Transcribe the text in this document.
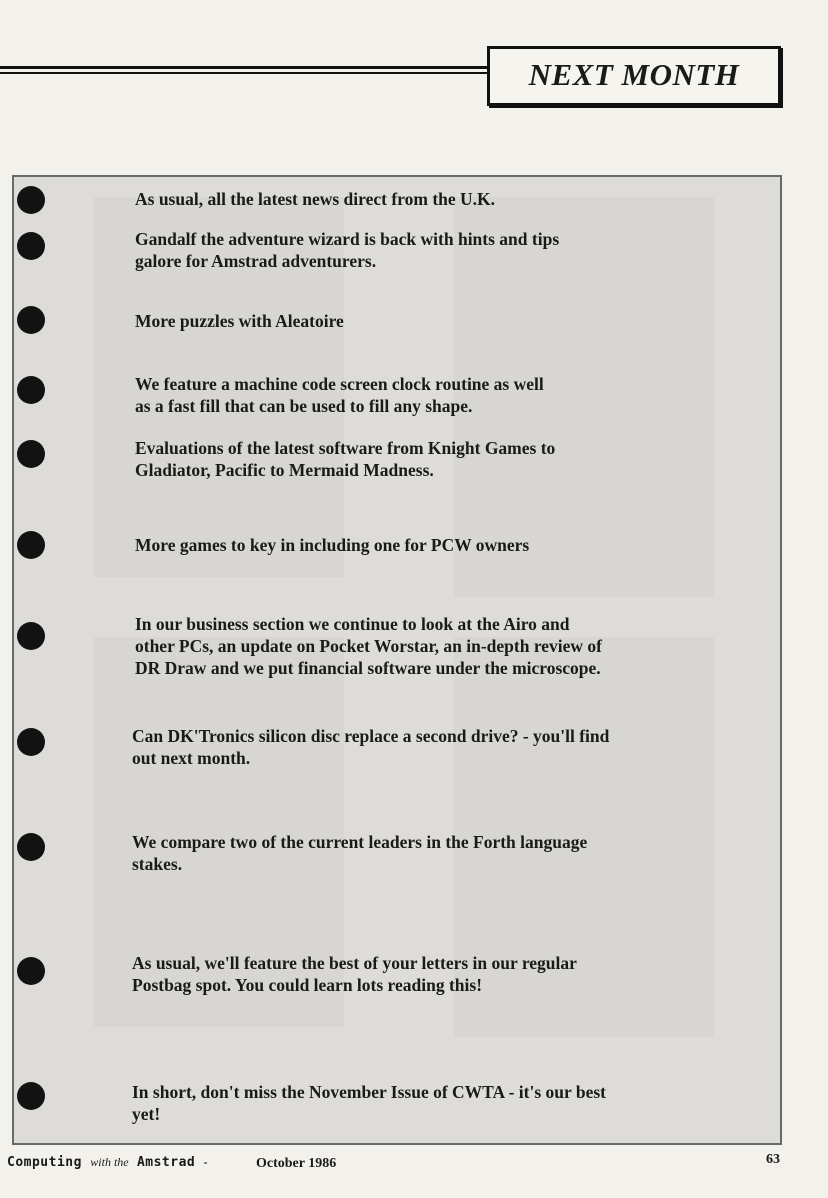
NEXT MONTH
As usual, all the latest news direct from the U.K.
Gandalf the adventure wizard is back with hints and tips
galore for Amstrad adventurers.
More puzzles with Aleatoire
We feature a machine code screen clock routine as well
as a fast fill that can be used to fill any shape.
Evaluations of the latest software from Knight Games to
Gladiator, Pacific to Mermaid Madness.
More games to key in including one for PCW owners
In our business section we continue to look at the Airo and
other PCs, an update on Pocket Worstar, an in-depth review of
DR Draw and we put financial software under the microscope.
Can DK'Tronics silicon disc replace a second drive? - you'll find
out next month.
We compare two of the current leaders in the Forth language
stakes.
As usual, we'll feature the best of your letters in our regular
Postbag spot. You could learn lots reading this!
In short, don't miss the November Issue of CWTA - it's our best
yet!
Computing with the Amstrad -	October 1986	63
